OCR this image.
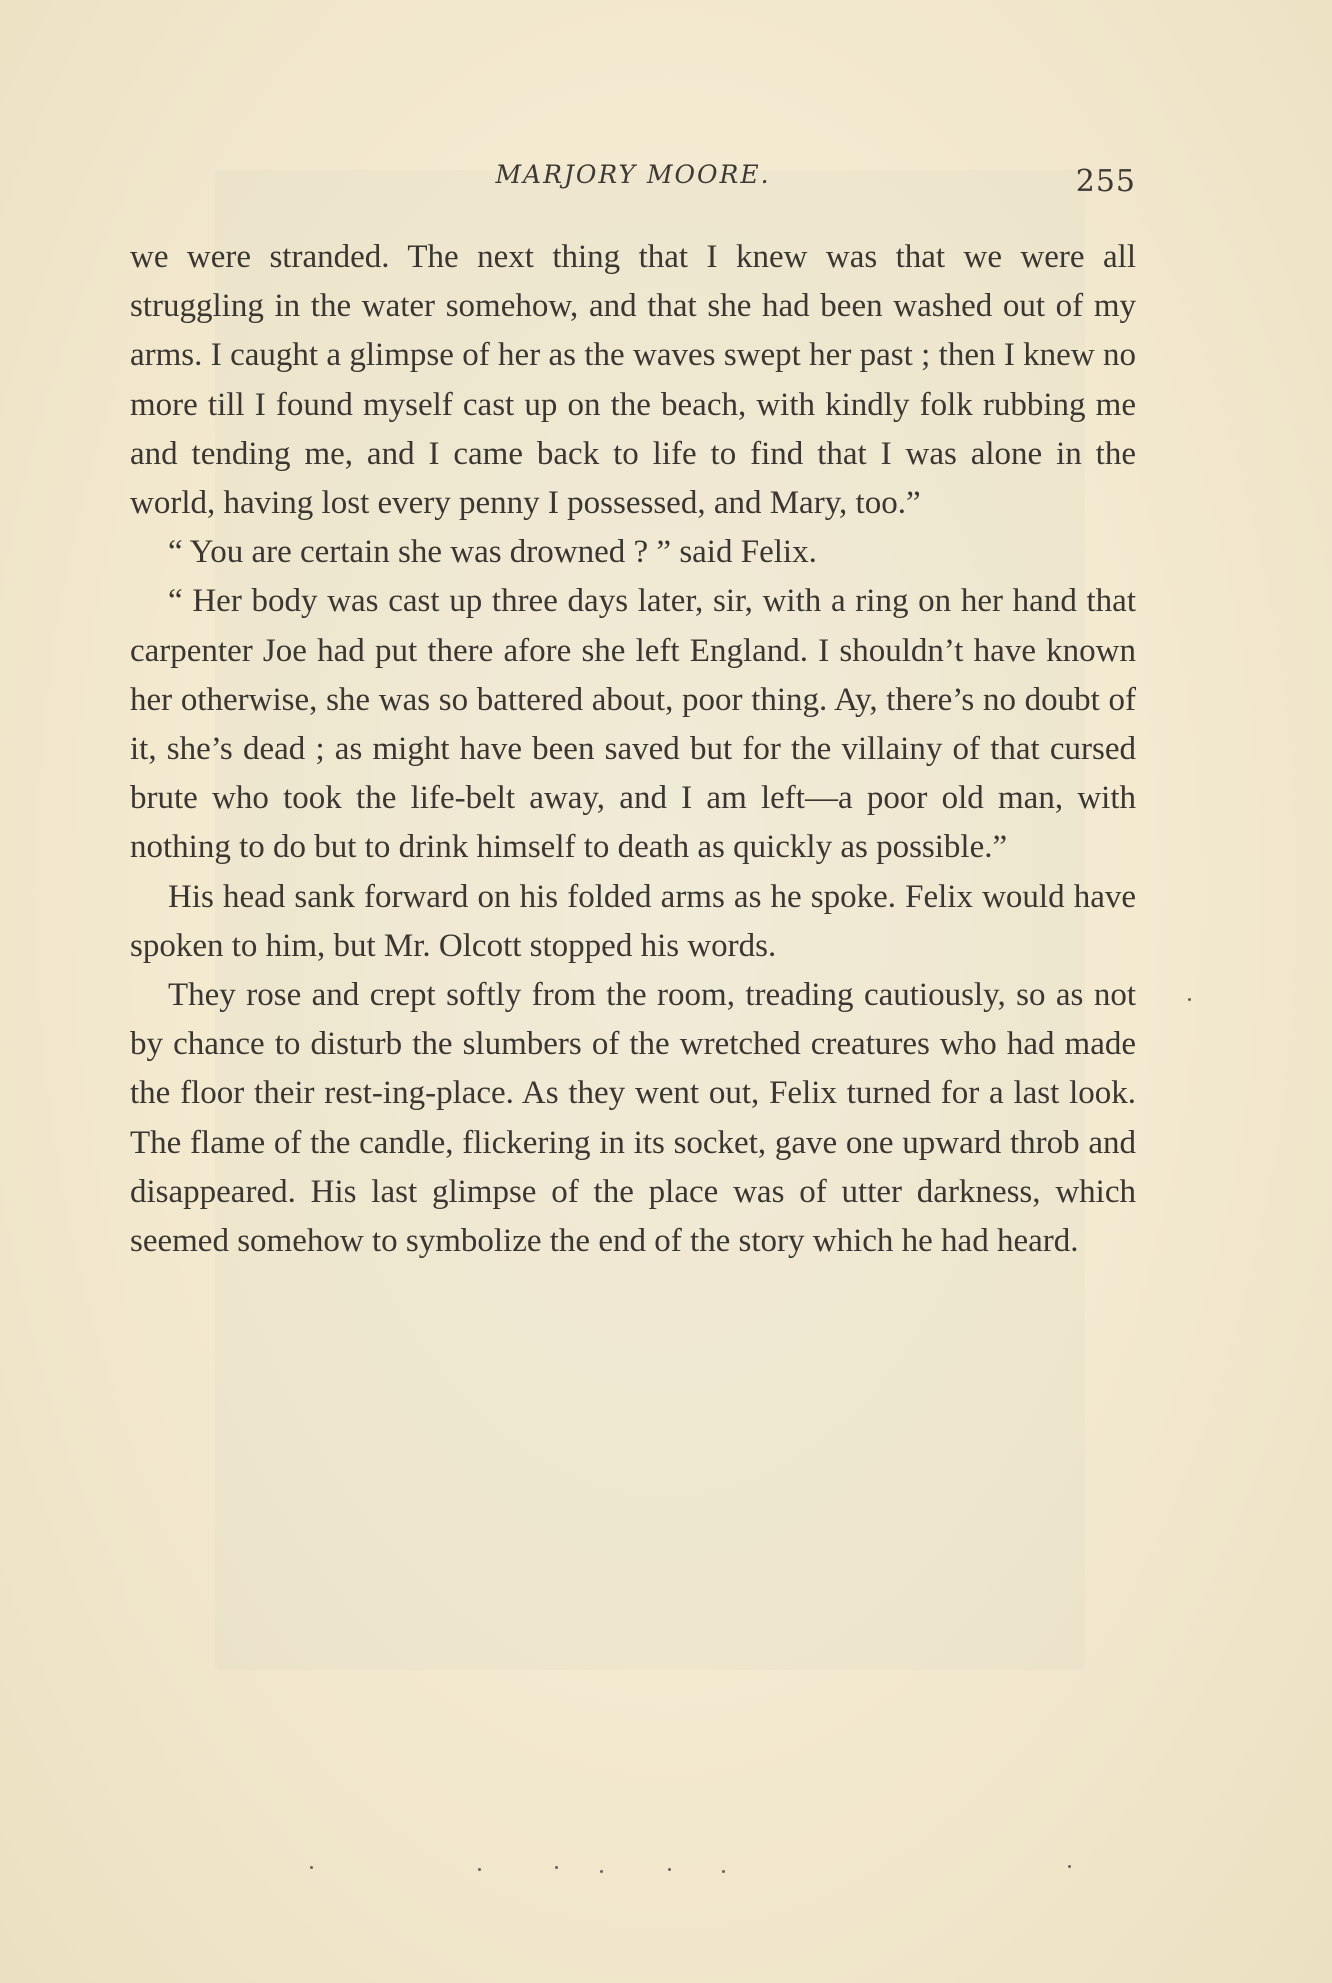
MARJORY MOORE.	255

we were stranded. The next thing that I knew was that we were all struggling in the water somehow, and that she had been washed out of my arms. I caught a glimpse of her as the waves swept her past ; then I knew no more till I found myself cast up on the beach, with kindly folk rubbing me and tending me, and I came back to life to find that I was alone in the world, having lost every penny I possessed, and Mary, too.”

“ You are certain she was drowned ? ” said Felix.

“ Her body was cast up three days later, sir, with a ring on her hand that carpenter Joe had put there afore she left England. I shouldn’t have known her otherwise, she was so battered about, poor thing. Ay, there’s no doubt of it, she’s dead ; as might have been saved but for the villainy of that cursed brute who took the life-belt away, and I am left—a poor old man, with nothing to do but to drink himself to death as quickly as possible.”

His head sank forward on his folded arms as he spoke. Felix would have spoken to him, but Mr. Olcott stopped his words.

They rose and crept softly from the room, treading cautiously, so as not by chance to disturb the slumbers of the wretched creatures who had made the floor their rest-ing-place. As they went out, Felix turned for a last look. The flame of the candle, flickering in its socket, gave one upward throb and disappeared. His last glimpse of the place was of utter darkness, which seemed somehow to symbolize the end of the story which he had heard.
